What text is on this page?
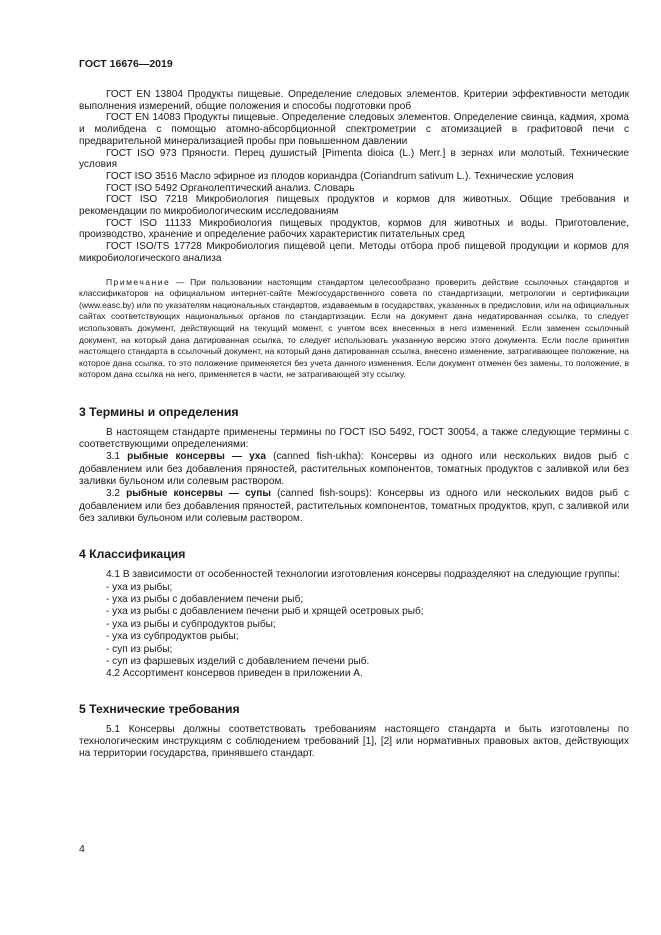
ГОСТ 16676—2019

ГОСТ EN 13804 Продукты пищевые. Определение следовых элементов. Критерии эффективности методик выполнения измерений, общие положения и способы подготовки проб

ГОСТ EN 14083 Продукты пищевые. Определение следовых элементов. Определение свинца, кадмия, хрома и молибдена с помощью атомно-абсорбционной спектрометрии с атомизацией в графитовой печи с предварительной минерализацией пробы при повышенном давлении

ГОСТ ISO 973 Пряности. Перец душистый [Pimenta dioica (L.) Merr.] в зернах или молотый. Технические условия

ГОСТ ISO 3516 Масло эфирное из плодов кориандра (Coriandrum sativum L.). Технические условия

ГОСТ ISO 5492 Органолептический анализ. Словарь

ГОСТ ISO 7218 Микробиология пищевых продуктов и кормов для животных. Общие требования и рекомендации по микробиологическим исследованиям

ГОСТ ISO 11133 Микробиология пищевых продуктов, кормов для животных и воды. Приготовление, производство, хранение и определение рабочих характеристик питательных сред

ГОСТ ISO/TS 17728 Микробиология пищевой цепи. Методы отбора проб пищевой продукции и кормов для микробиологического анализа

Примечание — При пользовании настоящим стандартом целесообразно проверить действие ссылочных стандартов и классификаторов на официальном интернет-сайте Межгосударственного совета по стандартизации, метрологии и сертификации (www.easc.by) или по указателям национальных стандартов, издаваемым в государствах, указанных в предисловии, или на официальных сайтах соответствующих национальных органов по стандартизации. Если на документ дана недатированная ссылка, то следует использовать документ, действующий на текущий момент, с учетом всех внесенных в него изменений. Если заменен ссылочный документ, на который дана датированная ссылка, то следует использовать указанную версию этого документа. Если после принятия настоящего стандарта в ссылочный документ, на который дана датированная ссылка, внесено изменение, затрагивающее положение, на которое дана ссылка, то это положение применяется без учета данного изменения. Если документ отменен без замены, то положение, в котором дана ссылка на него, применяется в части, не затрагивающей эту ссылку.

3 Термины и определения

В настоящем стандарте применены термины по ГОСТ ISO 5492, ГОСТ 30054, а также следующие термины с соответствующими определениями:

3.1 рыбные консервы — уха (canned fish-ukha): Консервы из одного или нескольких видов рыб с добавлением или без добавления пряностей, растительных компонентов, томатных продуктов с заливкой или без заливки бульоном или солевым раствором.

3.2 рыбные консервы — супы (canned fish-soups): Консервы из одного или нескольких видов рыб с добавлением или без добавления пряностей, растительных компонентов, томатных продуктов, круп, с заливкой или без заливки бульоном или солевым раствором.

4 Классификация

4.1 В зависимости от особенностей технологии изготовления консервы подразделяют на следующие группы:

- уха из рыбы;
- уха из рыбы с добавлением печени рыб;
- уха из рыбы с добавлением печени рыб и хрящей осетровых рыб;
- уха из рыбы и субпродуктов рыбы;
- уха из субпродуктов рыбы;
- суп из рыбы;
- суп из фаршевых изделий с добавлением печени рыб.

4.2 Ассортимент консервов приведен в приложении А.

5 Технические требования

5.1 Консервы должны соответствовать требованиям настоящего стандарта и быть изготовлены по технологическим инструкциям с соблюдением требований [1], [2] или нормативных правовых актов, действующих на территории государства, принявшего стандарт.

4
